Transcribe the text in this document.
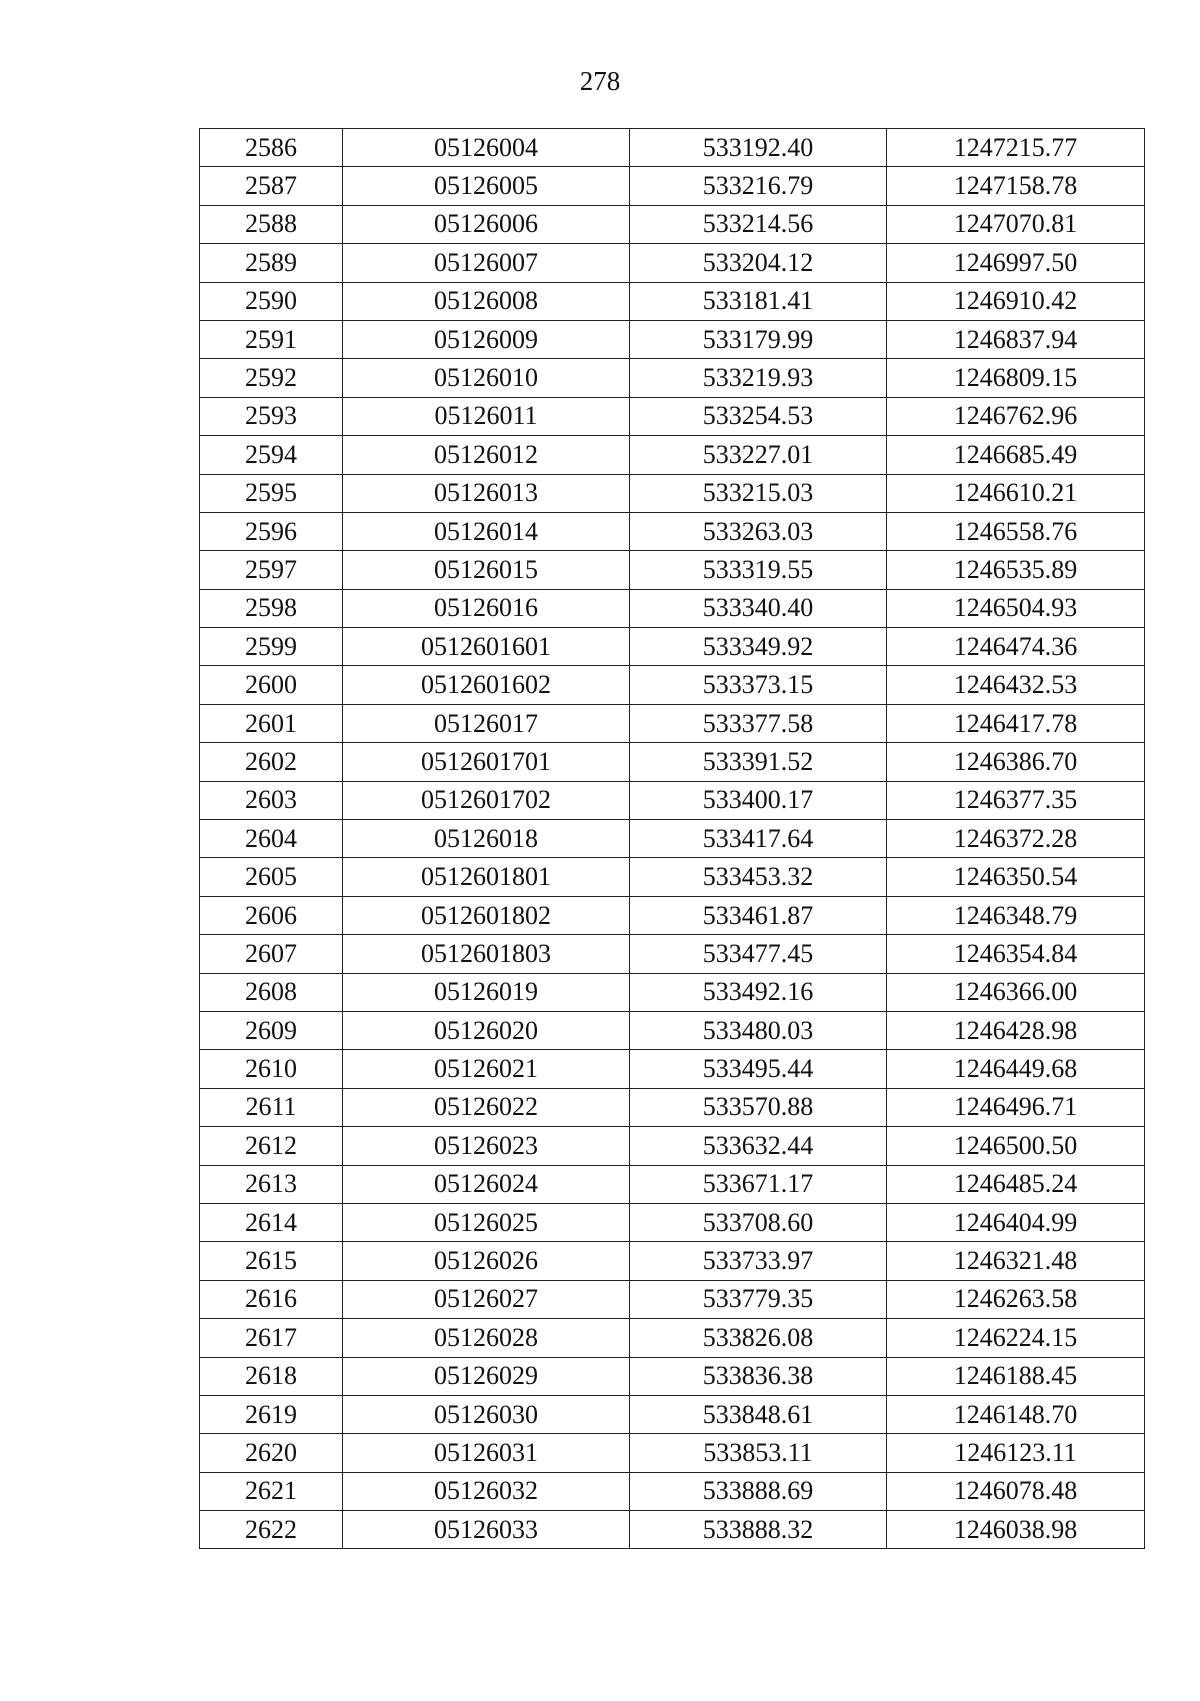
278
2586	05126004	533192.40	1247215.77
2587	05126005	533216.79	1247158.78
2588	05126006	533214.56	1247070.81
2589	05126007	533204.12	1246997.50
2590	05126008	533181.41	1246910.42
2591	05126009	533179.99	1246837.94
2592	05126010	533219.93	1246809.15
2593	05126011	533254.53	1246762.96
2594	05126012	533227.01	1246685.49
2595	05126013	533215.03	1246610.21
2596	05126014	533263.03	1246558.76
2597	05126015	533319.55	1246535.89
2598	05126016	533340.40	1246504.93
2599	0512601601	533349.92	1246474.36
2600	0512601602	533373.15	1246432.53
2601	05126017	533377.58	1246417.78
2602	0512601701	533391.52	1246386.70
2603	0512601702	533400.17	1246377.35
2604	05126018	533417.64	1246372.28
2605	0512601801	533453.32	1246350.54
2606	0512601802	533461.87	1246348.79
2607	0512601803	533477.45	1246354.84
2608	05126019	533492.16	1246366.00
2609	05126020	533480.03	1246428.98
2610	05126021	533495.44	1246449.68
2611	05126022	533570.88	1246496.71
2612	05126023	533632.44	1246500.50
2613	05126024	533671.17	1246485.24
2614	05126025	533708.60	1246404.99
2615	05126026	533733.97	1246321.48
2616	05126027	533779.35	1246263.58
2617	05126028	533826.08	1246224.15
2618	05126029	533836.38	1246188.45
2619	05126030	533848.61	1246148.70
2620	05126031	533853.11	1246123.11
2621	05126032	533888.69	1246078.48
2622	05126033	533888.32	1246038.98
